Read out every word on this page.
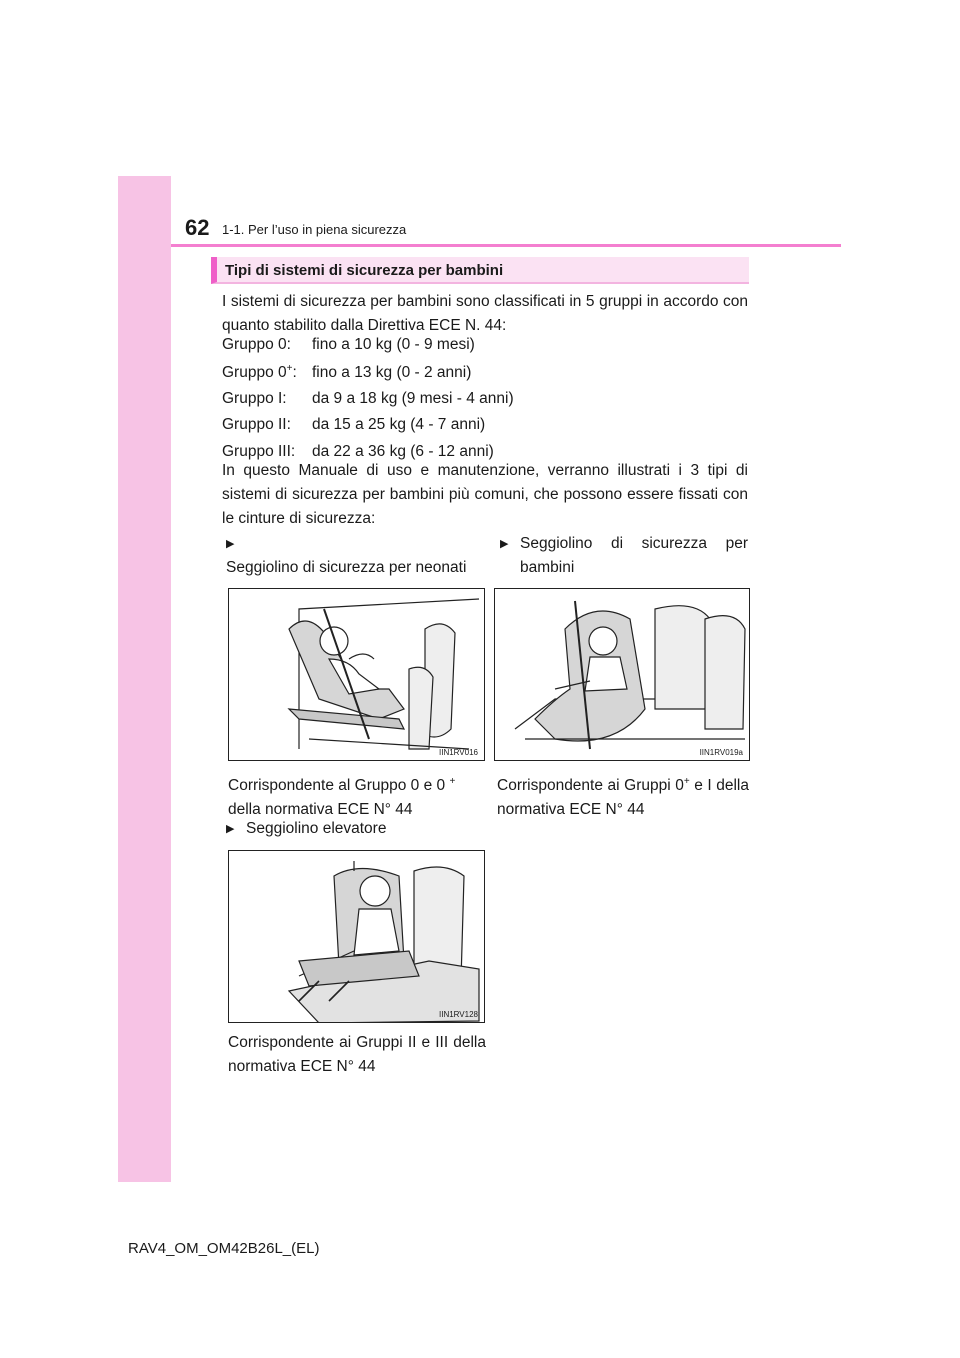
62 1-1. Per l’uso in piena sicurezza
Tipi di sistemi di sicurezza per bambini
I sistemi di sicurezza per bambini sono classificati in 5 gruppi in accordo con quanto stabilito dalla Direttiva ECE N. 44:
Gruppo 0: fino a 10 kg (0 - 9 mesi)
Gruppo 0+: fino a 13 kg (0 - 2 anni)
Gruppo I: da 9 a 18 kg (9 mesi - 4 anni)
Gruppo II: da 15 a 25 kg (4 - 7 anni)
Gruppo III: da 22 a 36 kg (6 - 12 anni)
In questo Manuale di uso e manutenzione, verranno illustrati i 3 tipi di sistemi di sicurezza per bambini più comuni, che possono essere fissati con le cinture di sicurezza:
▶Seggiolino di sicurezza per neonati
▶ Seggiolino di sicurezza per bambini
IIN1RV016	IIN1RV019a
Corrispondente al Gruppo 0 e 0 +
della normativa ECE N° 44
Corrispondente ai Gruppi 0+ e I della normativa ECE N° 44
▶ Seggiolino elevatore
IIN1RV128
Corrispondente ai Gruppi II e III della normativa ECE N° 44
RAV4_OM_OM42B26L_(EL)
